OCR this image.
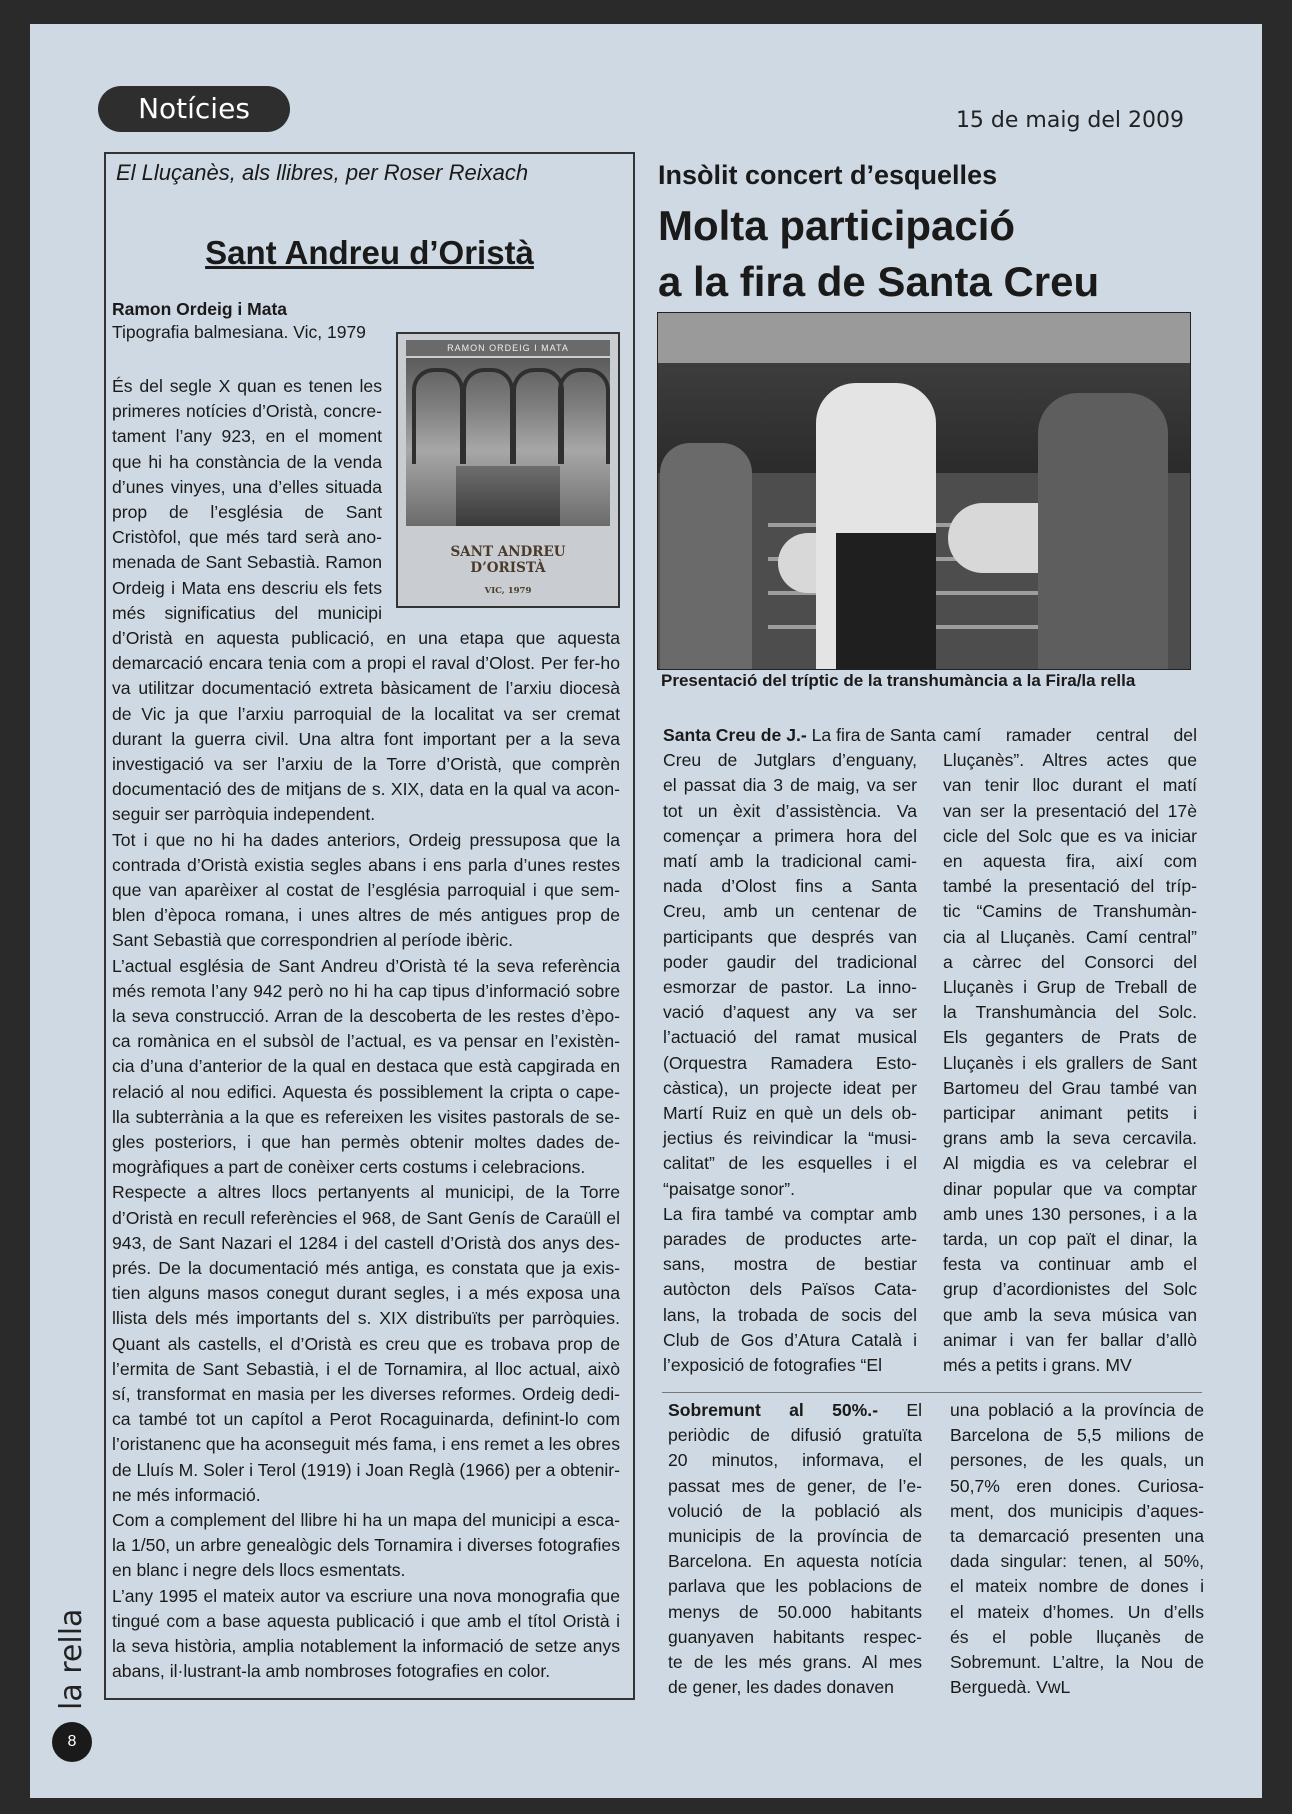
Notícies	15 de maig del 2009
El Lluçanès, als llibres, per Roser Reixach
Sant Andreu d’Oristà
Ramon Ordeig i Mata
Tipografia balmesiana. Vic, 1979
RAMON ORDEIG I MATA
SANT ANDREU
D’ORISTÀ
VIC, 1979
És del segle X quan es tenen les
primeres notícies d’Oristà, concre-
tament l’any 923, en el moment
que hi ha constància de la venda
d’unes vinyes, una d’elles situada
prop de l’església de Sant
Cristòfol, que més tard serà ano-
menada de Sant Sebastià. Ramon
Ordeig i Mata ens descriu els fets
més significatius del municipi
d’Oristà en aquesta publicació, en una etapa que aquesta
demarcació encara tenia com a propi el raval d’Olost. Per fer-ho
va utilitzar documentació extreta bàsicament de l’arxiu diocesà
de Vic ja que l’arxiu parroquial de la localitat va ser cremat
durant la guerra civil. Una altra font important per a la seva
investigació va ser l’arxiu de la Torre d’Oristà, que comprèn
documentació des de mitjans de s. XIX, data en la qual va acon-
seguir ser parròquia independent.
Tot i que no hi ha dades anteriors, Ordeig pressuposa que la
contrada d’Oristà existia segles abans i ens parla d’unes restes
que van aparèixer al costat de l’església parroquial i que sem-
blen d’època romana, i unes altres de més antigues prop de
Sant Sebastià que correspondrien al període ibèric.
L’actual església de Sant Andreu d’Oristà té la seva referència
més remota l’any 942 però no hi ha cap tipus d’informació sobre
la seva construcció. Arran de la descoberta de les restes d’èpo-
ca romànica en el subsòl de l’actual, es va pensar en l’existèn-
cia d’una d’anterior de la qual en destaca que està capgirada en
relació al nou edifici. Aquesta és possiblement la cripta o cape-
lla subterrània a la que es refereixen les visites pastorals de se-
gles posteriors, i que han permès obtenir moltes dades de-
mogràfiques a part de conèixer certs costums i celebracions.
Respecte a altres llocs pertanyents al municipi, de la Torre
d’Oristà en recull referències el 968, de Sant Genís de Caraüll el
943, de Sant Nazari el 1284 i del castell d’Oristà dos anys des-
prés. De la documentació més antiga, es constata que ja exis-
tien alguns masos conegut durant segles, i a més exposa una
llista dels més importants del s. XIX distribuïts per parròquies.
Quant als castells, el d’Oristà es creu que es trobava prop de
l’ermita de Sant Sebastià, i el de Tornamira, al lloc actual, això
sí, transformat en masia per les diverses reformes. Ordeig dedi-
ca també tot un capítol a Perot Rocaguinarda, definint-lo com
l’oristanenc que ha aconseguit més fama, i ens remet a les obres
de Lluís M. Soler i Terol (1919) i Joan Reglà (1966) per a obtenir-
ne més informació.
Com a complement del llibre hi ha un mapa del municipi a esca-
la 1/50, un arbre genealògic dels Tornamira i diverses fotografies
en blanc i negre dels llocs esmentats.
L’any 1995 el mateix autor va escriure una nova monografia que
tingué com a base aquesta publicació i que amb el títol Oristà i
la seva història, amplia notablement la informació de setze anys
abans, il·lustrant-la amb nombroses fotografies en color.
Insòlit concert d’esquelles
Molta participació
a la fira de Santa Creu
Presentació del tríptic de la transhumància a la Fira/la rella
Santa Creu de J.- La fira de Santa
Creu de Jutglars d’enguany,
el passat dia 3 de maig, va ser
tot un èxit d’assistència. Va
començar a primera hora del
matí amb la tradicional cami-
nada d’Olost fins a Santa
Creu, amb un centenar de
participants que després van
poder gaudir del tradicional
esmorzar de pastor. La inno-
vació d’aquest any va ser
l’actuació del ramat musical
(Orquestra Ramadera Esto-
càstica), un projecte ideat per
Martí Ruiz en què un dels ob-
jectius és reivindicar la “musi-
calitat” de les esquelles i el
“paisatge sonor”.
La fira també va comptar amb
parades de productes arte-
sans, mostra de bestiar
autòcton dels Països Cata-
lans, la trobada de socis del
Club de Gos d’Atura Català i
l’exposició de fotografies “El
camí ramader central del
Lluçanès”. Altres actes que
van tenir lloc durant el matí
van ser la presentació del 17è
cicle del Solc que es va iniciar
en aquesta fira, així com
també la presentació del tríp-
tic “Camins de Transhumàn-
cia al Lluçanès. Camí central”
a càrrec del Consorci del
Lluçanès i Grup de Treball de
la Transhumància del Solc.
Els geganters de Prats de
Lluçanès i els grallers de Sant
Bartomeu del Grau també van
participar animant petits i
grans amb la seva cercavila.
Al migdia es va celebrar el
dinar popular que va comptar
amb unes 130 persones, i a la
tarda, un cop paït el dinar, la
festa va continuar amb el
grup d’acordionistes del Solc
que amb la seva música van
animar i van fer ballar d’allò
més a petits i grans. MV
Sobremunt al 50%.- El
periòdic de difusió gratuïta
20 minutos, informava, el
passat mes de gener, de l’e-
volució de la població als
municipis de la província de
Barcelona. En aquesta notícia
parlava que les poblacions de
menys de 50.000 habitants
guanyaven habitants respec-
te de les més grans. Al mes
de gener, les dades donaven
una població a la província de
Barcelona de 5,5 milions de
persones, de les quals, un
50,7% eren dones. Curiosa-
ment, dos municipis d’aques-
ta demarcació presenten una
dada singular: tenen, al 50%,
el mateix nombre de dones i
el mateix d’homes. Un d’ells
és el poble lluçanès de
Sobremunt. L’altre, la Nou de
Berguedà. VwL
la rella
8
